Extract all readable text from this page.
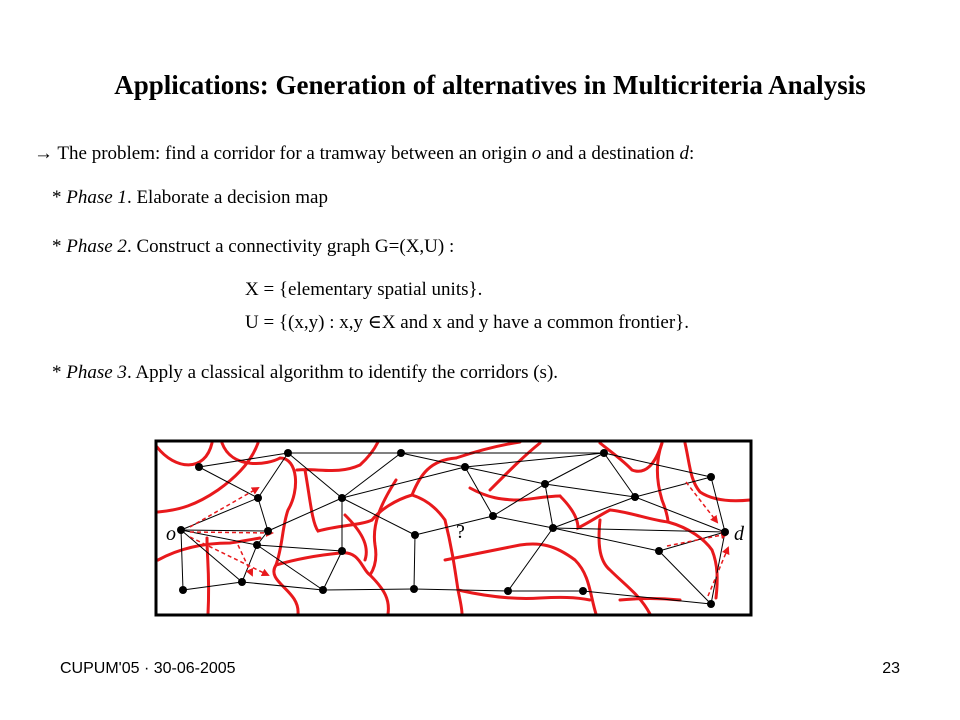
Applications: Generation of alternatives in Multicriteria Analysis
→ The problem: find a corridor for a tramway between an origin o and a destination d:
* Phase 1. Elaborate a decision map
* Phase 2. Construct a connectivity graph G=(X,U) :
X = {elementary spatial units}.
U = {(x,y) : x,y ∈X and x and y have a common frontier}.
* Phase 3. Apply a classical algorithm to identify the corridors (s).
o	d
?
CUPUM'05 · 30-06-2005	23
